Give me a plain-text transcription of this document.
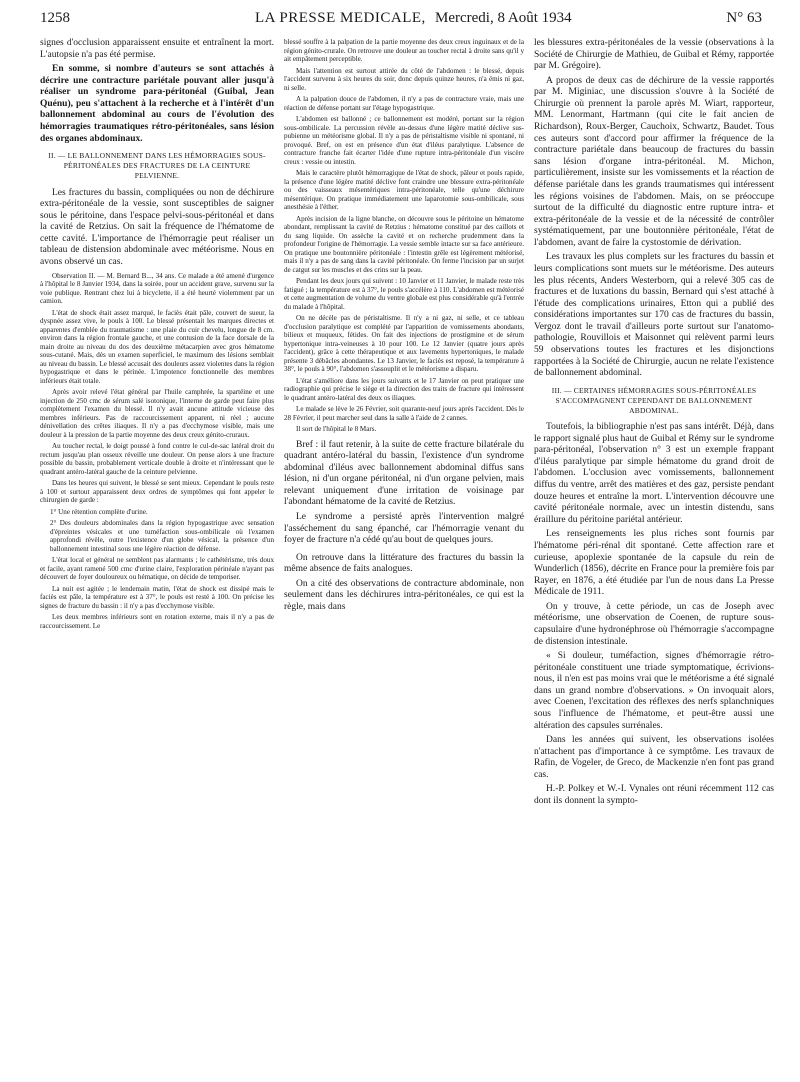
1258	LA PRESSE MEDICALE, Mercredi, 8 Août 1934	N° 63

signes d'occlusion apparaissent ensuite et entraînent la mort. L'autopsie n'a pas été permise.

En somme, si nombre d'auteurs se sont attachés à décrire une contracture pariétale pouvant aller jusqu'à réaliser un syndrome para-péritonéal (Guibal, Jean Quénu), peu s'attachent à la recherche et à l'intérêt d'un ballonnement abdominal au cours de l'évolution des hémorragies traumatiques rétro-péritonéales, sans lésion des organes abdominaux.

II. — LE BALLONNEMENT DANS LES HÉMORRAGIES SOUS-PÉRITONÉALES DES FRACTURES DE LA CEINTURE PELVIENNE.

Les fractures du bassin, compliquées ou non de déchirure extra-péritonéale de la vessie, sont susceptibles de saigner sous le péritoine, dans l'espace pelvi-sous-péritonéal et dans la cavité de Retzius. On sait la fréquence de l'hématome de cette cavité. L'importance de l'hémorragie peut réaliser un tableau de distension abdominale avec météorisme. Nous en avons observé un cas.

Observation II. — M. Bernard B..., 34 ans. Ce malade a été amené d'urgence à l'hôpital le 8 Janvier 1934, dans la soirée, pour un accident grave, survenu sur la voie publique. Rentrant chez lui à bicyclette, il a été heurté violemment par un camion.

L'état de shock était assez marqué, le faciès était pâle, couvert de sueur, la dyspnée assez vive, le pouls à 100. Le blessé présentait les marques directes et apparentes d'emblée du traumatisme : une plaie du cuir chevelu, longue de 8 cm. environ dans la région frontale gauche, et une contusion de la face dorsale de la main droite au niveau du dos des deuxième métacarpien avec gros hématome sous-cutané. Mais, dès un examen superficiel, le maximum des lésions semblait au niveau du bassin. Le blessé accusait des douleurs assez violentes dans la région hypogastrique et dans le périnée. L'impotence fonctionnelle des membres inférieurs était totale.

Après avoir relevé l'état général par l'huile camphrée, la spartéine et une injection de 250 cmc de sérum salé isotonique, l'interne de garde peut faire plus complètement l'examen du blessé. Il n'y avait aucune attitude vicieuse des membres inférieurs. Pas de raccourcissement apparent, ni réel ; aucune dénivellation des crêtes iliaques. Il n'y a pas d'ecchymose visible, mais une douleur à la pression de la partie moyenne des deux creux génito-cruraux.

Au toucher rectal, le doigt poussé à fond contre le cul-de-sac latéral droit du rectum jusqu'au plan osseux réveille une douleur. On pense alors à une fracture possible du bassin, probablement verticale double à droite et n'intéressant que le quadrant antéro-latéral gauche de la ceinture pelvienne.

Dans les heures qui suivent, le blessé se sent mieux. Cependant le pouls reste à 100 et surtout apparaissent deux ordres de symptômes qui font appeler le chirurgien de garde :

1° Une rétention complète d'urine.

2° Des douleurs abdominales dans la région hypogastrique avec sensation d'épreintes vésicales et une tuméfaction sous-ombilicale où l'examen approfondi révèle, outre l'existence d'un globe vésical, la présence d'un ballonnement intestinal sous une légère réaction de défense.

L'état local et général ne semblent pas alarmants ; le cathétérisme, très doux et facile, ayant ramené 500 cmc d'urine claire, l'exploration périnéale n'ayant pas découvert de foyer douloureux ou hématique, on décide de temporiser.

La nuit est agitée ; le lendemain matin, l'état de shock est dissipé mais le faciès est pâle, la température est à 37°, le pouls est resté à 100. On précise les signes de fracture du bassin : il n'y a pas d'ecchymose visible.

Les deux membres inférieurs sont en rotation externe, mais il n'y a pas de raccourcissement. Le

blessé souffre à la palpation de la partie moyenne des deux creux inguinaux et de la région génito-crurale. On retrouve une douleur au toucher rectal à droite sans qu'il y ait empâtement perceptible.

Mais l'attention est surtout attirée du côté de l'abdomen : le blessé, depuis l'accident survenu à six heures du soir, donc depuis quinze heures, n'a émis ni gaz, ni selle.

A la palpation douce de l'abdomen, il n'y a pas de contracture vraie, mais une réaction de défense portant sur l'étage hypogastrique.

L'abdomen est ballonné ; ce ballonnement est modéré, portant sur la région sous-ombilicale. La percussion révèle au-dessus d'une légère matité déclive sus-pubienne un météorisme global. Il n'y a pas de péristaltisme visible ni spontané, ni provoqué. Bref, on est en présence d'un état d'iléus paralytique. L'absence de contracture franche fait écarter l'idée d'une rupture intra-péritonéale d'un viscère creux : vessie ou intestin.

Mais le caractère plutôt hémorragique de l'état de shock, pâleur et pouls rapide, la présence d'une légère matité déclive font craindre une blessure extra-péritonéale ou des vaisseaux mésentériques intra-péritonéale, telle qu'une déchirure mésentérique. On pratique immédiatement une laparotomie sous-ombilicale, sous anesthésie à l'éther.

Après incision de la ligne blanche, on découvre sous le péritoine un hématome abondant, remplissant la cavité de Retzius : hématome constitué par des caillots et du sang liquide. On assèche la cavité et on recherche prudemment dans la profondeur l'origine de l'hémorragie. La vessie semble intacte sur sa face antérieure. On pratique une boutonnière péritonéale : l'intestin grêle est légèrement météorisé, mais il n'y a pas de sang dans la cavité péritonéale. On ferme l'incision par un surjet de catgut sur les muscles et des crins sur la peau.

Pendant les deux jours qui suivent : 10 Janvier et 11 Janvier, le malade reste très fatigué ; la température est à 37°, le pouls s'accélère à 110. L'abdomen est météorisé et cette augmentation de volume du ventre globale est plus considérable qu'à l'entrée du malade à l'hôpital.

On ne décèle pas de péristaltisme. Il n'y a ni gaz, ni selle, et ce tableau d'occlusion paralytique est complété par l'apparition de vomissements abondants, bilieux et muqueux, fétides. On fait des injections de prostigmine et de sérum hypertonique intra-veineuses à 10 pour 100. Le 12 Janvier (quatre jours après l'accident), grâce à cette thérapeutique et aux lavements hypertoniques, le malade présente 3 débâcles abondantes. Le 13 Janvier, le faciès est reposé, la température à 38°, le pouls à 90°, l'abdomen s'assouplit et le météorisme a disparu.

L'état s'améliore dans les jours suivants et le 17 Janvier on peut pratiquer une radiographie qui précise le siège et la direction des traits de fracture qui intéressent le quadrant antéro-latéral des deux os iliaques.

Le malade se lève le 26 Février, soit quarante-neuf jours après l'accident. Dès le 28 Février, il peut marcher seul dans la salle à l'aide de 2 cannes.

Il sort de l'hôpital le 8 Mars.

Bref : il faut retenir, à la suite de cette fracture bilatérale du quadrant antéro-latéral du bassin, l'existence d'un syndrome abdominal d'iléus avec ballonnement abdominal diffus sans lésion, ni d'un organe péritonéal, ni d'un organe pelvien, mais relevant uniquement d'une irritation de voisinage par l'abondant hématome de la cavité de Retzius.

Le syndrome a persisté après l'intervention malgré l'asséchement du sang épanché, car l'hémorragie venant du foyer de fracture n'a cédé qu'au bout de quelques jours.

On retrouve dans la littérature des fractures du bassin la même absence de faits analogues.

On a cité des observations de contracture abdominale, non seulement dans les déchirures intra-péritonéales, ce qui est la règle, mais dans

les blessures extra-péritonéales de la vessie (observations à la Société de Chirurgie de Mathieu, de Guibal et Rémy, rapportée par M. Grégoire).

A propos de deux cas de déchirure de la vessie rapportés par M. Miginiac, une discussion s'ouvre à la Société de Chirurgie où prennent la parole après M. Wiart, rapporteur, MM. Lenormant, Hartmann (qui cite le fait ancien de Richardson), Roux-Berger, Cauchoix, Schwartz, Baudet. Tous ces auteurs sont d'accord pour affirmer la fréquence de la contracture pariétale dans beaucoup de fractures du bassin sans lésion d'organe intra-péritonéal. M. Michon, particulièrement, insiste sur les vomissements et la réaction de défense pariétale dans les grands traumatismes qui intéressent les régions voisines de l'abdomen. Mais, on se préoccupe surtout de la difficulté du diagnostic entre rupture intra- et extra-péritonéale de la vessie et de la nécessité de contrôler systématiquement, par une boutonnière péritonéale, l'état de l'abdomen, avant de faire la cystostomie de dérivation.

Les travaux les plus complets sur les fractures du bassin et leurs complications sont muets sur le météorisme. Des auteurs les plus récents, Anders Westerborn, qui a relevé 305 cas de fractures et de luxations du bassin, Bernard qui s'est attaché à l'étude des complications urinaires, Etton qui a publié des considérations importantes sur 170 cas de fractures du bassin, Vergoz dont le travail d'ailleurs porte surtout sur l'anatomo-pathologie, Rouvillois et Maisonnet qui relèvent parmi leurs 59 observations toutes les fractures et les disjonctions rapportées à la Société de Chirurgie, aucun ne relate l'existence de ballonnement abdominal.

III. — CERTAINES HÉMORRAGIES SOUS-PÉRITONÉALES S'ACCOMPAGNENT CEPENDANT DE BALLONNEMENT ABDOMINAL.

Toutefois, la bibliographie n'est pas sans intérêt. Déjà, dans le rapport signalé plus haut de Guibal et Rémy sur le syndrome para-péritonéal, l'observation n° 3 est un exemple frappant d'iléus paralytique par simple hématome du grand droit de l'abdomen. L'occlusion avec vomissements, ballonnement diffus du ventre, arrêt des matières et des gaz, persiste pendant douze heures et entraîne la mort. L'intervention découvre une cavité péritonéale normale, avec un intestin distendu, sans éraillure du péritoine pariétal antérieur.

Les renseignements les plus riches sont fournis par l'hématome péri-rénal dit spontané. Cette affection rare et curieuse, apoplexie spontanée de la capsule du rein de Wunderlich (1856), décrite en France pour la première fois par Rayer, en 1876, a été étudiée par l'un de nous dans La Presse Médicale de 1911.

On y trouve, à cette période, un cas de Joseph avec météorisme, une observation de Coenen, de rupture sous-capsulaire d'une hydronéphrose où l'hémorragie s'accompagne de distension intestinale.

« Si douleur, tuméfaction, signes d'hémorragie rétro-péritonéale constituent une triade symptomatique, écrivions-nous, il n'en est pas moins vrai que le météorisme a été signalé dans un grand nombre d'observations. » On invoquait alors, avec Coenen, l'excitation des réflexes des nerfs splanchniques sous l'influence de l'hématome, et peut-être aussi une altération des capsules surrénales.

Dans les années qui suivent, les observations isolées n'attachent pas d'importance à ce symptôme. Les travaux de Rafin, de Vogeler, de Greco, de Mackenzie n'en font pas grand cas.

H.-P. Polkey et W.-I. Vynales ont réuni récemment 112 cas dont ils donnent la sympto-
